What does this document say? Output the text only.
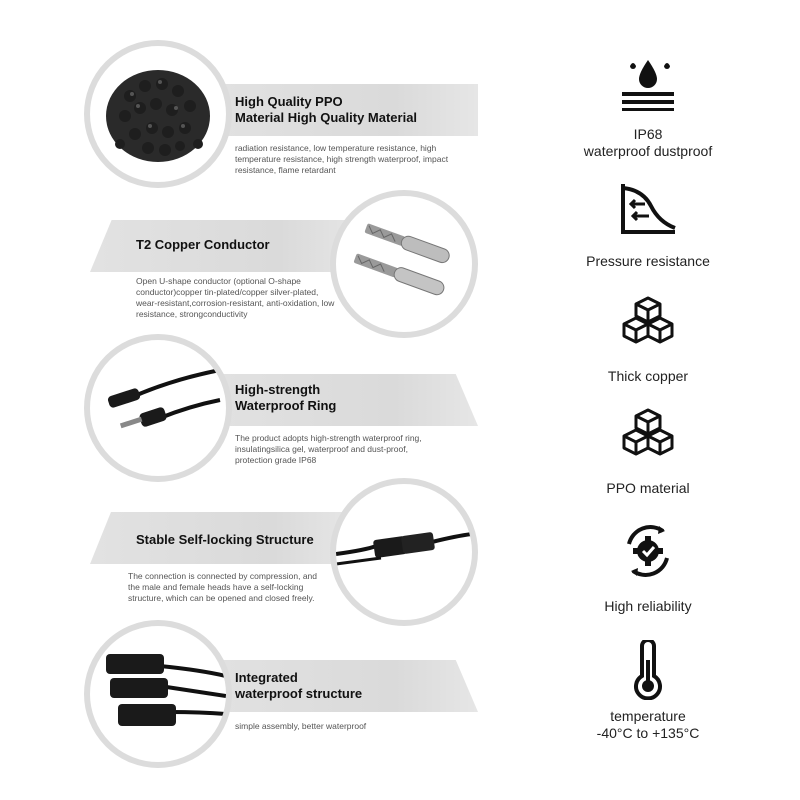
High Quality PPO
Material High Quality Material
radiation resistance, low temperature resistance, high
temperature resistance, high strength waterproof, impact
resistance, flame retardant
T2 Copper Conductor
Open U-shape conductor (optional O-shape
conductor)copper tin-plated/copper silver-plated,
wear-resistant,corrosion-resistant, anti-oxidation, low
resistance, strongconductivity
High-strength
Waterproof Ring
The product adopts high-strength waterproof ring,
insulatingsilica gel, waterproof and dust-proof,
protection grade IP68
Stable Self-locking Structure
The connection is connected by compression, and
the male and female heads have a self-locking
structure, which can be opened and closed freely.
Integrated
waterproof structure
simple assembly, better waterproof
IP68
waterproof dustproof
Pressure resistance
Thick copper
PPO material
High reliability
temperature
-40°C to +135°C
